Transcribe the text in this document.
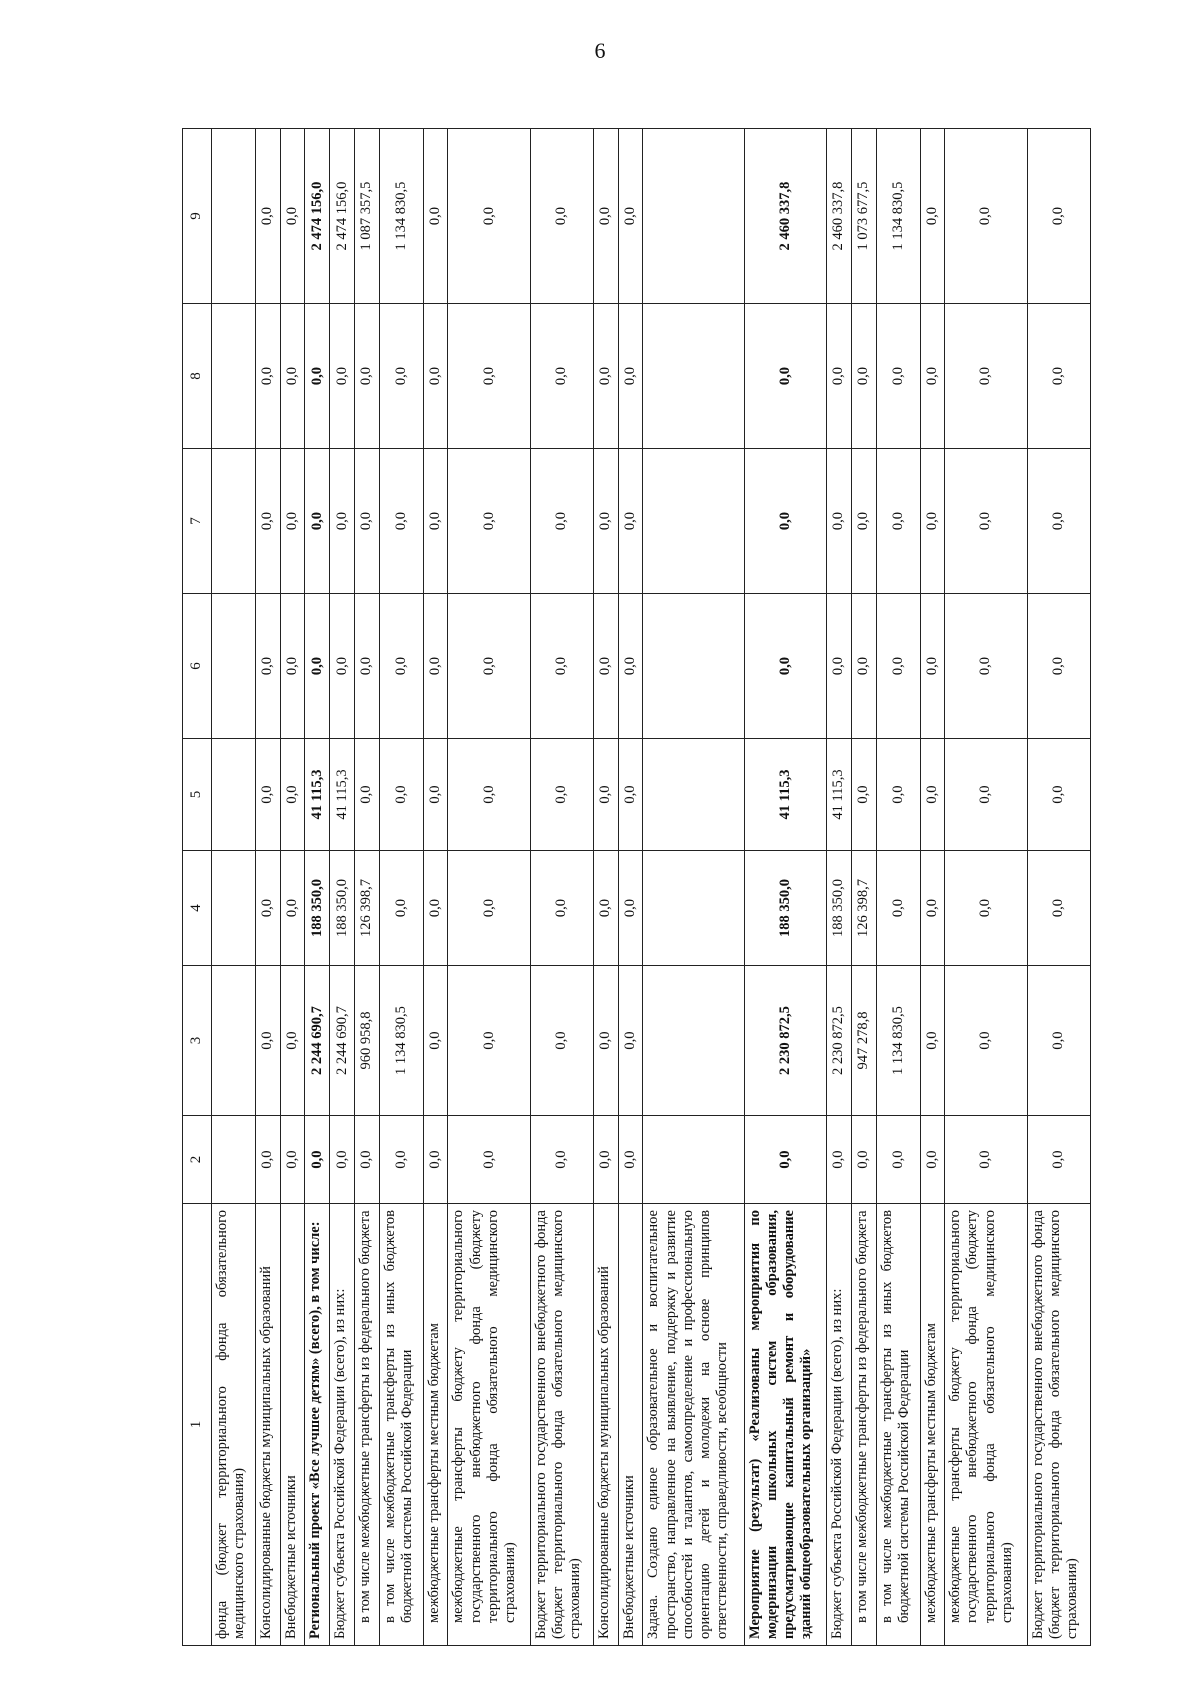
6
1	2	3	4	5	6	7	8	9
фонда (бюджет территориального фонда обязательного медицинского страхования)								
Консолидированные бюджеты муниципальных образований	0,0	0,0	0,0	0,0	0,0	0,0	0,0	0,0
Внебюджетные источники	0,0	0,0	0,0	0,0	0,0	0,0	0,0	0,0
Региональный проект «Все лучшее детям» (всего), в том числе:	0,0	2 244 690,7	188 350,0	41 115,3	0,0	0,0	0,0	2 474 156,0
Бюджет субъекта Российской Федерации (всего), из них:	0,0	2 244 690,7	188 350,0	41 115,3	0,0	0,0	0,0	2 474 156,0
в том числе межбюджетные трансферты из федерального бюджета	0,0	960 958,8	126 398,7	0,0	0,0	0,0	0,0	1 087 357,5
в том числе межбюджетные трансферты из иных бюджетов бюджетной системы Российской Федерации	0,0	1 134 830,5	0,0	0,0	0,0	0,0	0,0	1 134 830,5
межбюджетные трансферты местным бюджетам	0,0	0,0	0,0	0,0	0,0	0,0	0,0	0,0
межбюджетные трансферты бюджету территориального государственного внебюджетного фонда (бюджету территориального фонда обязательного медицинского страхования)	0,0	0,0	0,0	0,0	0,0	0,0	0,0	0,0
Бюджет территориального государственного внебюджетного фонда (бюджет территориального фонда обязательного медицинского страхования)	0,0	0,0	0,0	0,0	0,0	0,0	0,0	0,0
Консолидированные бюджеты муниципальных образований	0,0	0,0	0,0	0,0	0,0	0,0	0,0	0,0
Внебюджетные источники	0,0	0,0	0,0	0,0	0,0	0,0	0,0	0,0
Задача. Создано единое образовательное и воспитательное пространство, направленное на выявление, поддержку и развитие способностей и талантов, самоопределение и профессиональную ориентацию детей и молодежи на основе принципов ответственности, справедливости, всеобщности								
Мероприятие (результат) «Реализованы мероприятия по модернизации школьных систем образования, предусматривающие капитальный ремонт и оборудование зданий общеобразовательных организаций»	0,0	2 230 872,5	188 350,0	41 115,3	0,0	0,0	0,0	2 460 337,8
Бюджет субъекта Российской Федерации (всего), из них:	0,0	2 230 872,5	188 350,0	41 115,3	0,0	0,0	0,0	2 460 337,8
в том числе межбюджетные трансферты из федерального бюджета	0,0	947 278,8	126 398,7	0,0	0,0	0,0	0,0	1 073 677,5
в том числе межбюджетные трансферты из иных бюджетов бюджетной системы Российской Федерации	0,0	1 134 830,5	0,0	0,0	0,0	0,0	0,0	1 134 830,5
межбюджетные трансферты местным бюджетам	0,0	0,0	0,0	0,0	0,0	0,0	0,0	0,0
межбюджетные трансферты бюджету территориального государственного внебюджетного фонда (бюджету территориального фонда обязательного медицинского страхования)	0,0	0,0	0,0	0,0	0,0	0,0	0,0	0,0
Бюджет территориального государственного внебюджетного фонда (бюджет территориального фонда обязательного медицинского страхования)	0,0	0,0	0,0	0,0	0,0	0,0	0,0	0,0
